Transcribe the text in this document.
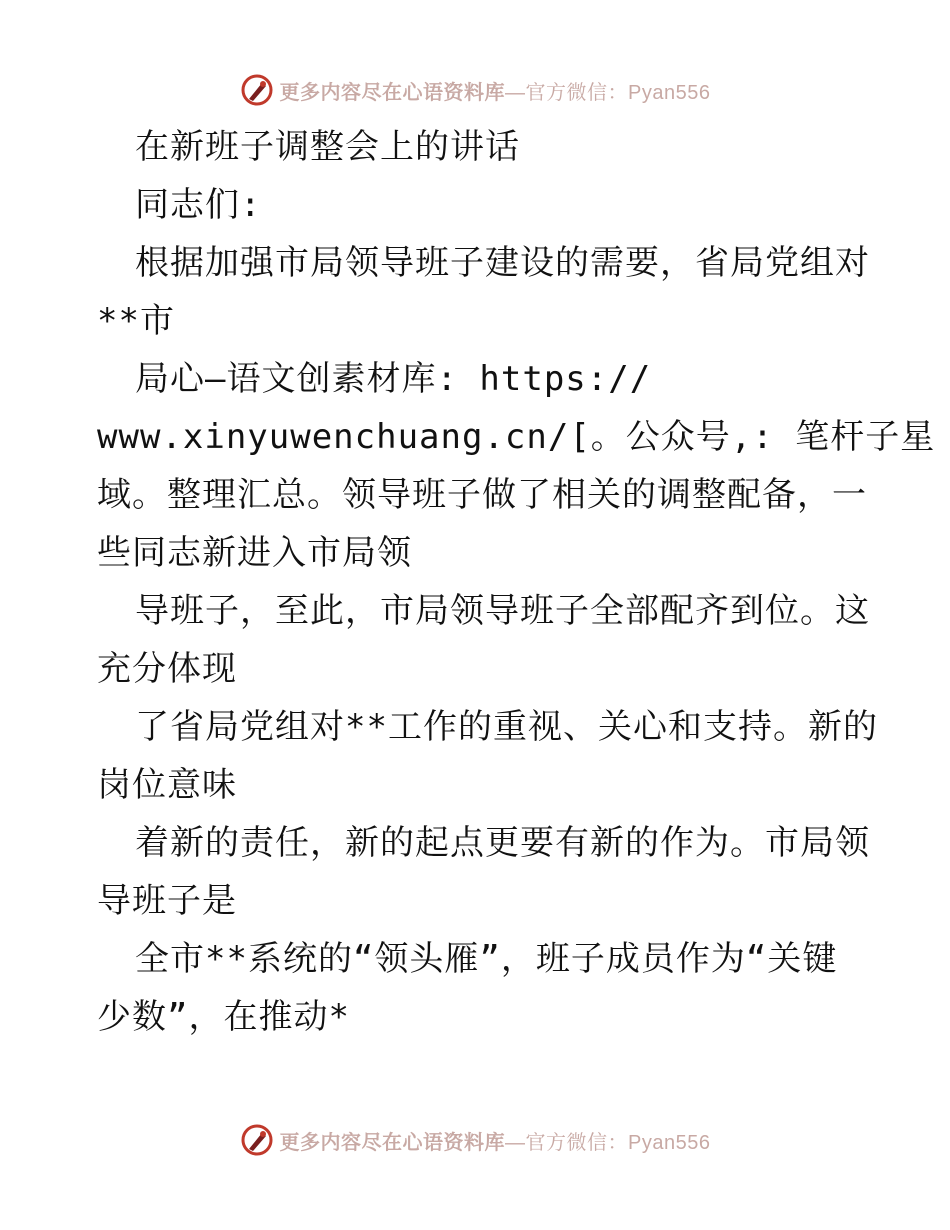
更多内容尽在心语资料库—官方微信：Pyan556
在新班子调整会上的讲话
同志们:
根据加强市局领导班子建设的需要，省局党组对
**市
局心—语文创素材库: https://
www.xinyuwenchuang.cn/[。公众号,: 笔杆子星
域。整理汇总。领导班子做了相关的调整配备，一
些同志新进入市局领
导班子，至此，市局领导班子全部配齐到位。这
充分体现
了省局党组对**工作的重视、关心和支持。新的
岗位意味
着新的责任，新的起点更要有新的作为。市局领
导班子是
全市**系统的“领头雁”，班子成员作为“关键
少数”，在推动*
更多内容尽在心语资料库—官方微信：Pyan556
